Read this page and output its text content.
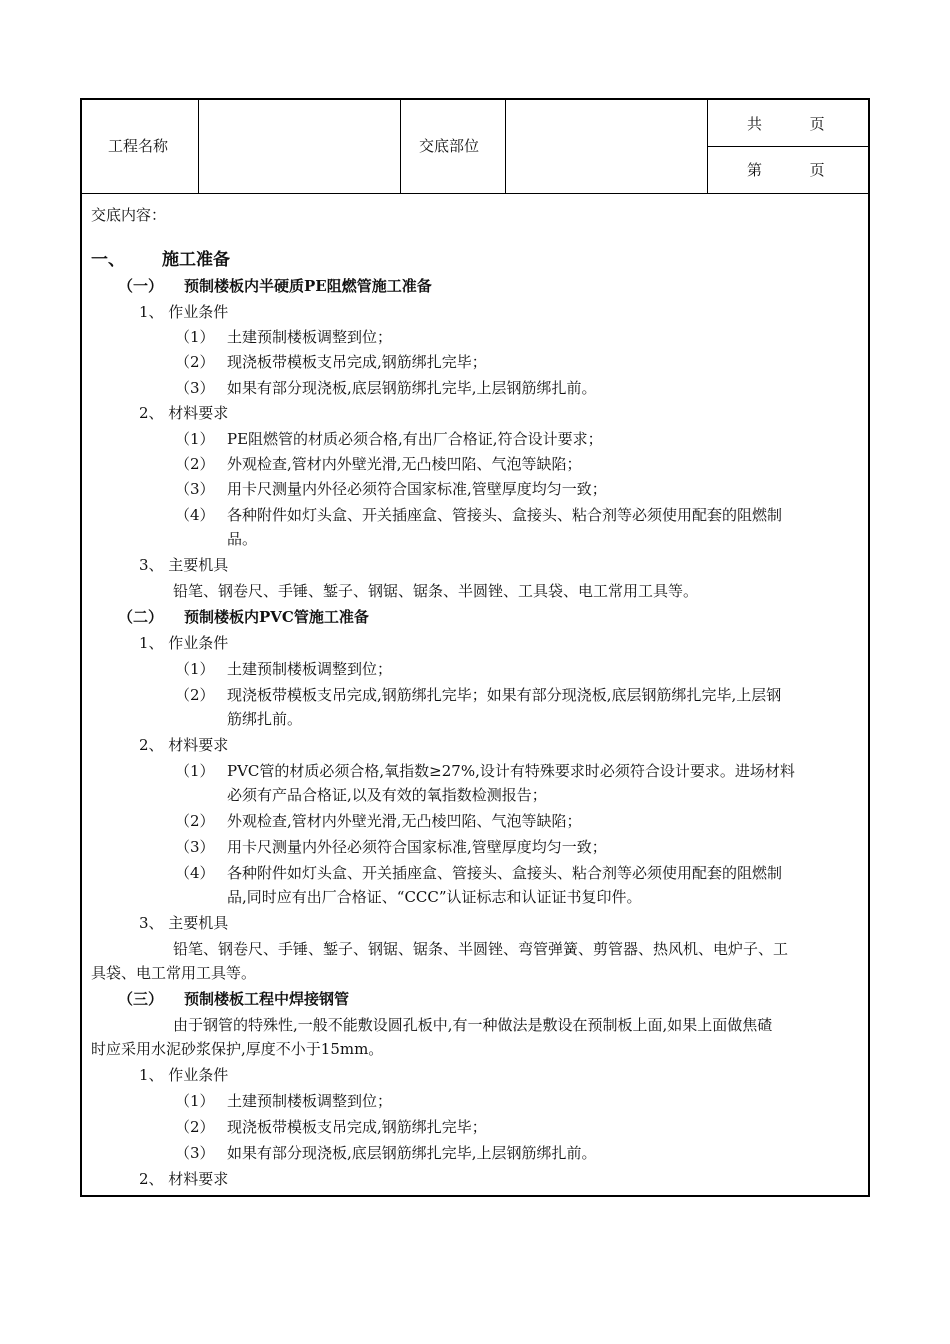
工程名称	交底部位
共          页
第          页
交底内容：
一、 施工准备
（一） 预制楼板内半硬质PE阻燃管施工准备
1、 作业条件
（1） 土建预制楼板调整到位；
（2） 现浇板带模板支吊完成,钢筋绑扎完毕；
（3） 如果有部分现浇板,底层钢筋绑扎完毕,上层钢筋绑扎前。
2、 材料要求
（1） PE阻燃管的材质必须合格,有出厂合格证,符合设计要求；
（2） 外观检查,管材内外壁光滑,无凸棱凹陷、气泡等缺陷；
（3） 用卡尺测量内外径必须符合国家标准,管壁厚度均匀一致；
（4） 各种附件如灯头盒、开关插座盒、管接头、盒接头、粘合剂等必须使用配套的阻燃制
品。
3、 主要机具
铅笔、钢卷尺、手锤、錾子、钢锯、锯条、半圆锉、工具袋、电工常用工具等。
（二） 预制楼板内PVC管施工准备
1、 作业条件
（1） 土建预制楼板调整到位；
（2） 现浇板带模板支吊完成,钢筋绑扎完毕；如果有部分现浇板,底层钢筋绑扎完毕,上层钢
筋绑扎前。
2、 材料要求
（1） PVC管的材质必须合格,氧指数≥27%,设计有特殊要求时必须符合设计要求。进场材料
必须有产品合格证,以及有效的氧指数检测报告；
（2） 外观检查,管材内外壁光滑,无凸棱凹陷、气泡等缺陷；
（3） 用卡尺测量内外径必须符合国家标准,管壁厚度均匀一致；
（4） 各种附件如灯头盒、开关插座盒、管接头、盒接头、粘合剂等必须使用配套的阻燃制
品,同时应有出厂合格证、“CCC”认证标志和认证证书复印件。
3、 主要机具
铅笔、钢卷尺、手锤、錾子、钢锯、锯条、半圆锉、弯管弹簧、剪管器、热风机、电炉子、工
具袋、电工常用工具等。
（三） 预制楼板工程中焊接钢管
由于钢管的特殊性,一般不能敷设圆孔板中,有一种做法是敷设在预制板上面,如果上面做焦碴
时应采用水泥砂浆保护,厚度不小于15mm。
1、 作业条件
（1） 土建预制楼板调整到位；
（2） 现浇板带模板支吊完成,钢筋绑扎完毕；
（3） 如果有部分现浇板,底层钢筋绑扎完毕,上层钢筋绑扎前。
2、 材料要求
